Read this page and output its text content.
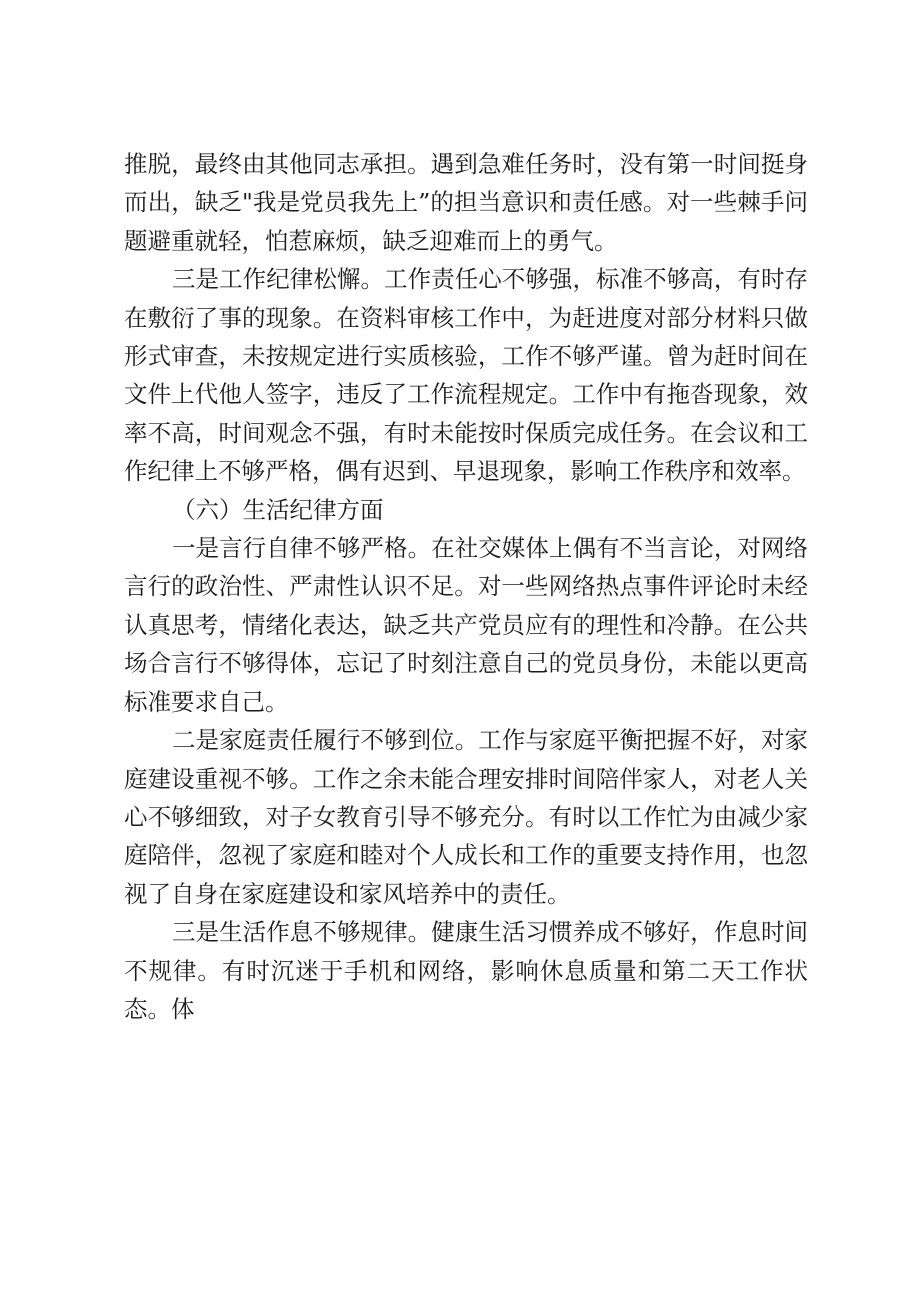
推脱，最终由其他同志承担。遇到急难任务时，没有第一时间挺身而出，缺乏"我是党员我先上”的担当意识和责任感。对一些棘手问题避重就轻，怕惹麻烦，缺乏迎难而上的勇气。

三是工作纪律松懈。工作责任心不够强，标准不够高，有时存在敷衍了事的现象。在资料审核工作中，为赶进度对部分材料只做形式审查，未按规定进行实质核验，工作不够严谨。曾为赶时间在文件上代他人签字，违反了工作流程规定。工作中有拖沓现象，效率不高，时间观念不强，有时未能按时保质完成任务。在会议和工作纪律上不够严格，偶有迟到、早退现象，影响工作秩序和效率。

（六）生活纪律方面

一是言行自律不够严格。在社交媒体上偶有不当言论，对网络言行的政治性、严肃性认识不足。对一些网络热点事件评论时未经认真思考，情绪化表达，缺乏共产党员应有的理性和冷静。在公共场合言行不够得体，忘记了时刻注意自己的党员身份，未能以更高标准要求自己。

二是家庭责任履行不够到位。工作与家庭平衡把握不好，对家庭建设重视不够。工作之余未能合理安排时间陪伴家人，对老人关心不够细致，对子女教育引导不够充分。有时以工作忙为由减少家庭陪伴，忽视了家庭和睦对个人成长和工作的重要支持作用，也忽视了自身在家庭建设和家风培养中的责任。

三是生活作息不够规律。健康生活习惯养成不够好，作息时间不规律。有时沉迷于手机和网络，影响休息质量和第二天工作状态。体
